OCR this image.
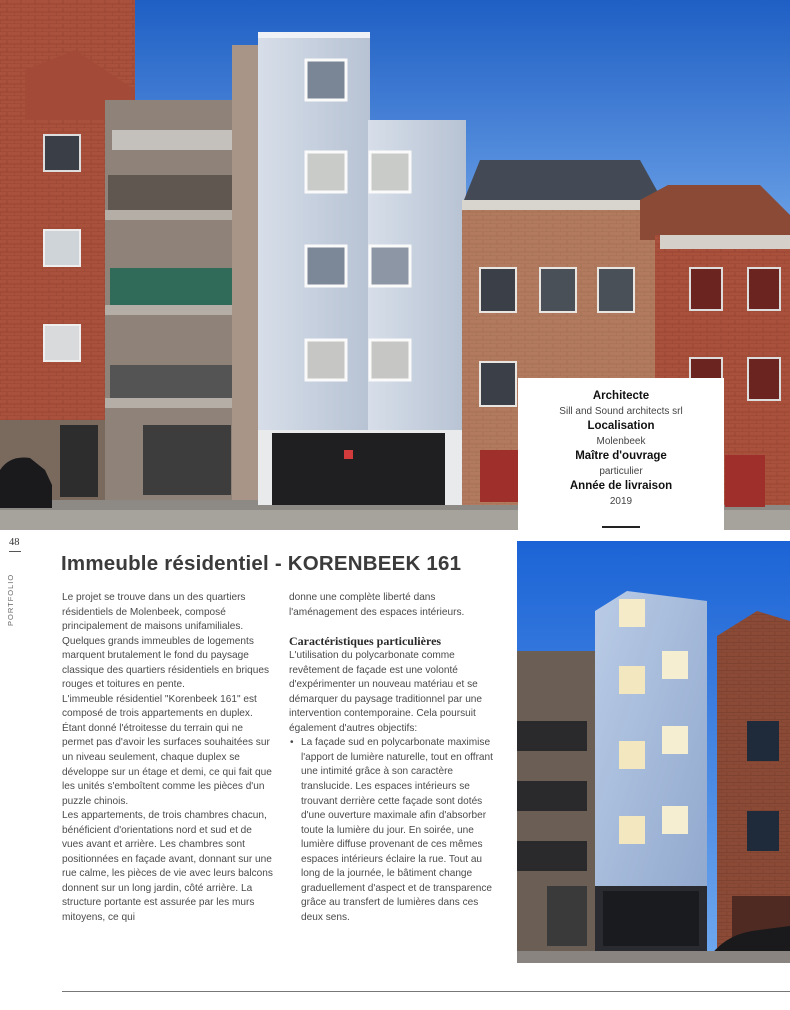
Architecte
Sill and Sound architects srl
Localisation
Molenbeek
Maître d'ouvrage
particulier
Année de livraison
2019
48
PORTFOLIO
Immeuble résidentiel - KORENBEEK 161

Le projet se trouve dans un des quartiers résidentiels de Molenbeek, composé principalement de maisons unifamiliales. Quelques grands immeubles de logements marquent brutalement le fond du paysage classique des quartiers résidentiels en briques rouges et toitures en pente.

L'immeuble résidentiel "Korenbeek 161" est composé de trois appartements en duplex. Étant donné l'étroitesse du terrain qui ne permet pas d'avoir les surfaces souhaitées sur un niveau seulement, chaque duplex se développe sur un étage et demi, ce qui fait que les unités s'emboîtent comme les pièces d'un puzzle chinois.

Les appartements, de trois chambres chacun, bénéficient d'orientations nord et sud et de vues avant et arrière. Les chambres sont positionnées en façade avant, donnant sur une rue calme, les pièces de vie avec leurs balcons donnent sur un long jardin, côté arrière. La structure portante est assurée par les murs mitoyens, ce qui

donne une complète liberté dans l'aménagement des espaces intérieurs.

Caractéristiques particulières

L'utilisation du polycarbonate comme revêtement de façade est une volonté d'expérimenter un nouveau matériau et se démarquer du paysage traditionnel par une intervention contemporaine. Cela poursuit également d'autres objectifs:

• La façade sud en polycarbonate maximise l'apport de lumière naturelle, tout en offrant une intimité grâce à son caractère translucide. Les espaces intérieurs se trouvant derrière cette façade sont dotés d'une ouverture maximale afin d'absorber toute la lumière du jour. En soirée, une lumière diffuse provenant de ces mêmes espaces intérieurs éclaire la rue. Tout au long de la journée, le bâtiment change graduellement d'aspect et de transparence grâce au transfert de lumières dans ces deux sens.
